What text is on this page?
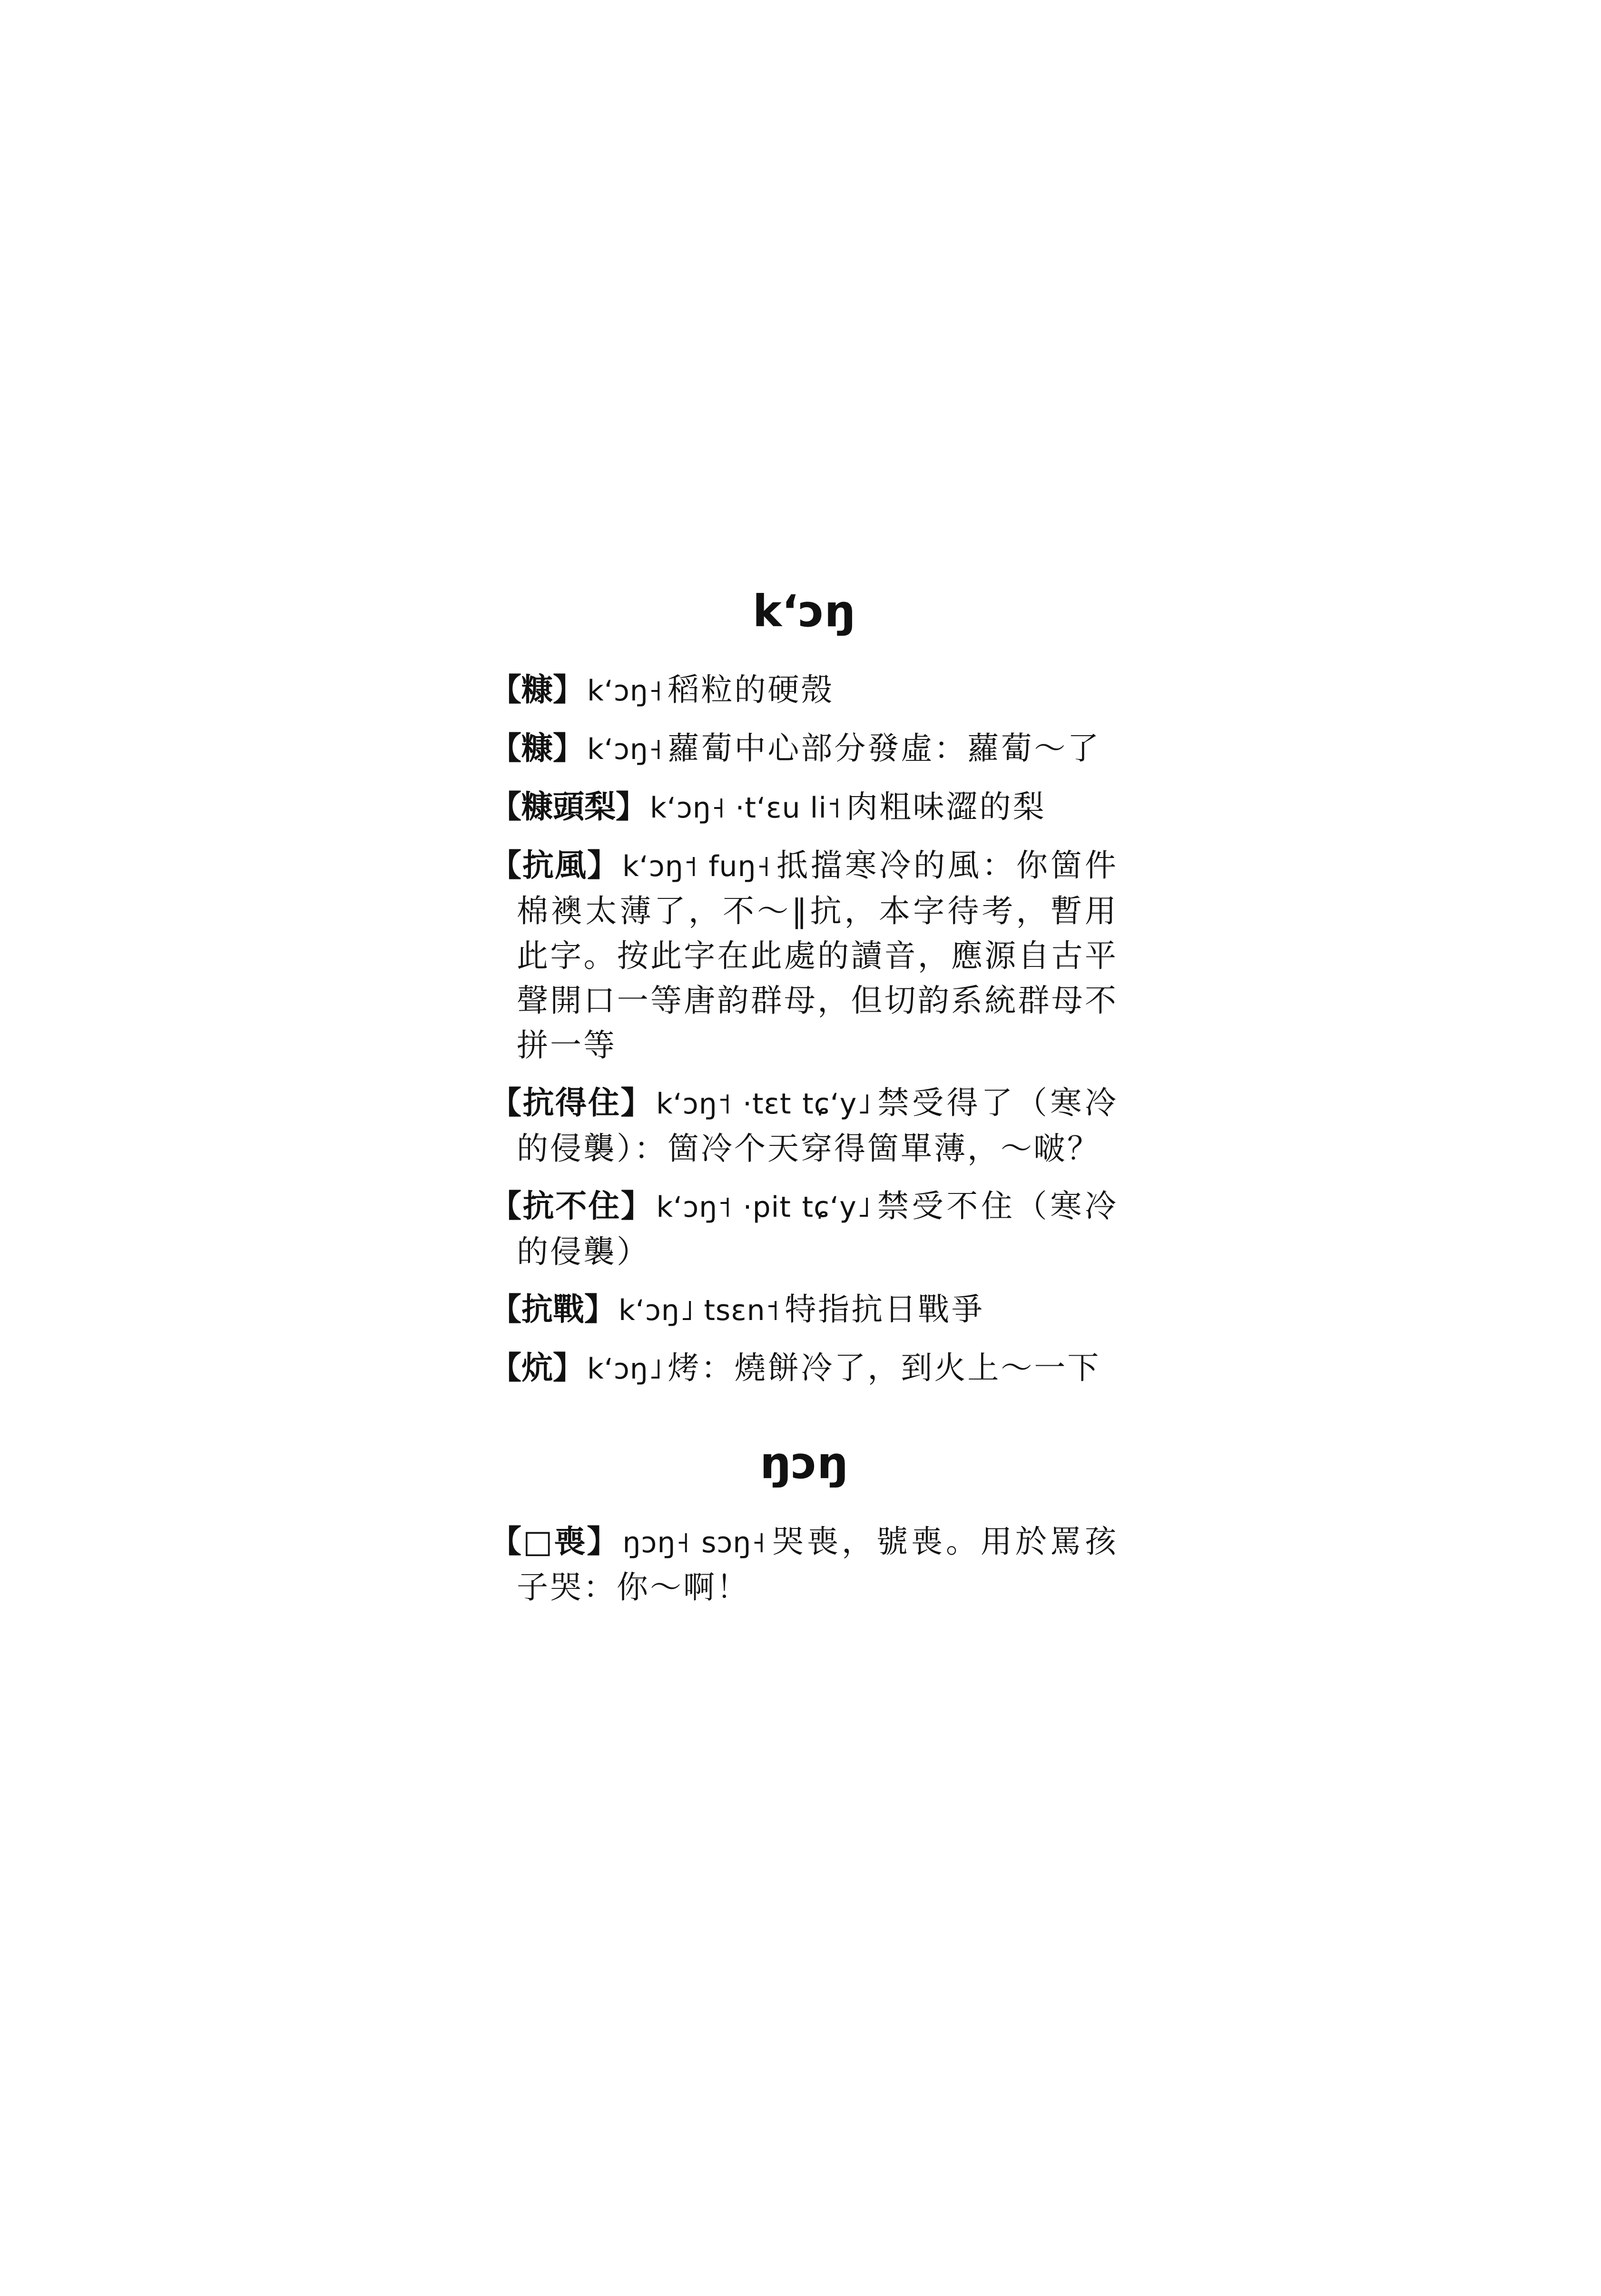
k‘ɔŋ

【糠】 k‘ɔŋ˧ 稻粒的硬殼

【糠】 k‘ɔŋ˧ 蘿蔔中心部分發虛：蘿蔔～了

【糠頭梨】 k‘ɔŋ˧ ·t‘ɛu li˦ 肉粗味澀的梨

【抗風】 k‘ɔŋ˦ fuŋ˧ 抵擋寒冷的風：你箇件棉襖太薄了，不～‖抗，本字待考，暫用此字。按此字在此處的讀音，應源自古平聲開口一等唐韵群母，但切韵系統群母不拼一等

【抗得住】 k‘ɔŋ˦ ·tɛt tɕ‘y˩ 禁受得了（寒冷的侵襲）：箇冷个天穿得箇單薄，～啵？

【抗不住】 k‘ɔŋ˦ ·pit tɕ‘y˩ 禁受不住（寒冷的侵襲）

【抗戰】 k‘ɔŋ˩ tsɛn˦ 特指抗日戰爭

【炕】 k‘ɔŋ˩ 烤：燒餅冷了，到火上～一下

ŋɔŋ

【□喪】 ŋɔŋ˧ sɔŋ˧ 哭喪，號喪。用於罵孩子哭：你～啊！
